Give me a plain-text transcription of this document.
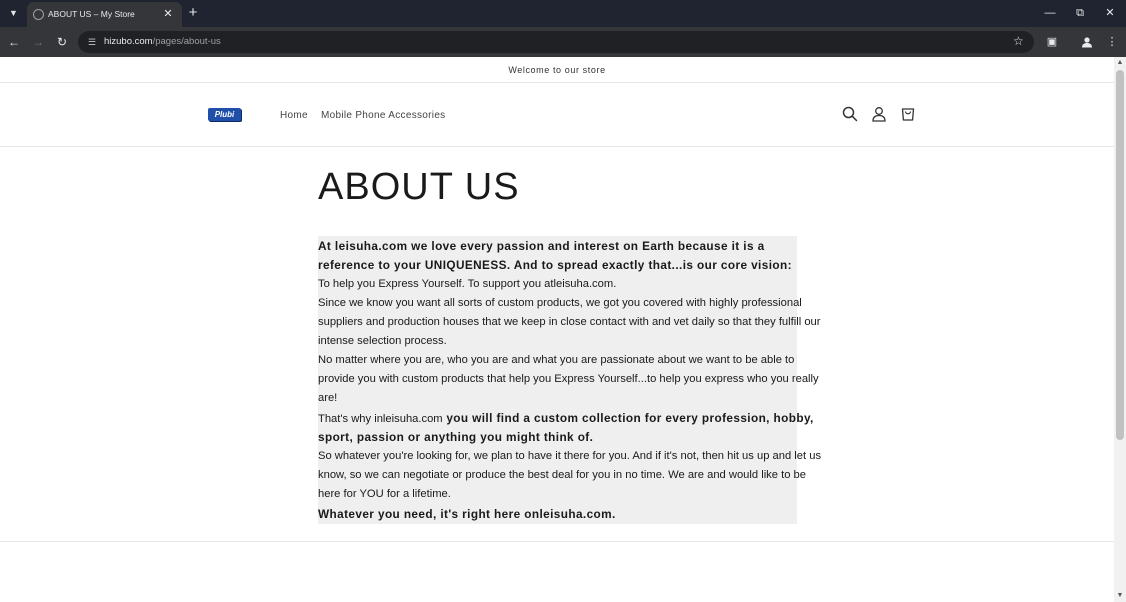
▼	ABOUT US – My Store	✕ +	—	⧉	✕
← →	↻	☰ hizubo.com/pages/about-us	☆	▣	⋮
Welcome to our store
Plubi	Home Mobile Phone Accessories
ABOUT US
At leisuha.com we love every passion and interest on Earth because it is a
reference to your UNIQUENESS. And to spread exactly that...is our core vision:
To help you Express Yourself. To support you atleisuha.com.
Since we know you want all sorts of custom products, we got you covered with highly professional
suppliers and production houses that we keep in close contact with and vet daily so that they fulfill our
intense selection process.
No matter where you are, who you are and what you are passionate about we want to be able to
provide you with custom products that help you Express Yourself...to help you express who you really
are!
That's why inleisuha.com you will find a custom collection for every profession, hobby,
sport, passion or anything you might think of.
So whatever you're looking for, we plan to have it there for you. And if it's not, then hit us up and let us
know, so we can negotiate or produce the best deal for you in no time. We are and would like to be
here for YOU for a lifetime.
Whatever you need, it's right here onleisuha.com.
▲
▼
